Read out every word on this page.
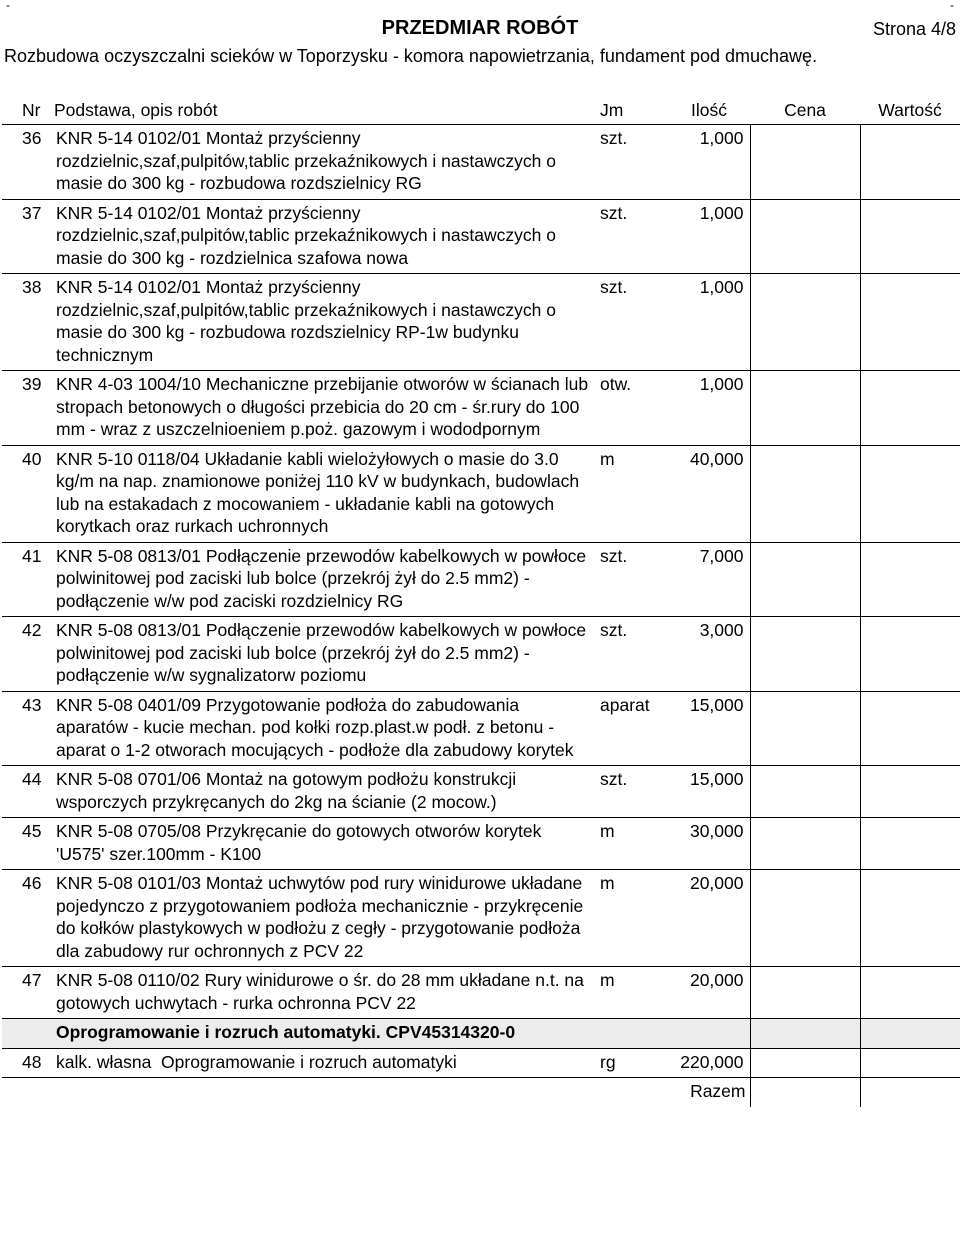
-	-
PRZEDMIAR ROBÓT	Strona 4/8
Rozbudowa oczyszczalni scieków w Toporzysku - komora napowietrzania, fundament pod dmuchawę.
Nr	Podstawa, opis robót	Jm	Ilość	Cena	Wartość
36	KNR 5-14 0102/01 Montaż przyścienny rozdzielnic,szaf,pulpitów,tablic przekaźnikowych i nastawczych o masie do 300 kg - rozbudowa rozdszielnicy RG	szt.	1,000		
37	KNR 5-14 0102/01 Montaż przyścienny rozdzielnic,szaf,pulpitów,tablic przekaźnikowych i nastawczych o masie do 300 kg - rozdzielnica szafowa nowa	szt.	1,000		
38	KNR 5-14 0102/01 Montaż przyścienny rozdzielnic,szaf,pulpitów,tablic przekaźnikowych i nastawczych o masie do 300 kg - rozbudowa rozdszielnicy RP-1w budynku technicznym	szt.	1,000		
39	KNR 4-03 1004/10 Mechaniczne przebijanie otworów w ścianach lub stropach betonowych o długości przebicia do 20 cm - śr.rury do 100 mm - wraz z uszczelnioeniem p.poż. gazowym i wododpornym	otw.	1,000		
40	KNR 5-10 0118/04 Układanie kabli wielożyłowych o masie do 3.0 kg/m na nap. znamionowe poniżej 110 kV w budynkach, budowlach lub na estakadach z mocowaniem - układanie kabli na gotowych korytkach oraz rurkach uchronnych	m	40,000		
41	KNR 5-08 0813/01 Podłączenie przewodów kabelkowych w powłoce polwinitowej pod zaciski lub bolce (przekrój żył do 2.5 mm2) - podłączenie w/w pod zaciski rozdzielnicy RG	szt.	7,000		
42	KNR 5-08 0813/01 Podłączenie przewodów kabelkowych w powłoce polwinitowej pod zaciski lub bolce (przekrój żył do 2.5 mm2) - podłączenie w/w sygnalizatorw poziomu	szt.	3,000		
43	KNR 5-08 0401/09 Przygotowanie podłoża do zabudowania aparatów - kucie mechan. pod kołki rozp.plast.w podł. z betonu - aparat o 1-2 otworach mocujących - podłoże dla zabudowy korytek	aparat	15,000		
44	KNR 5-08 0701/06 Montaż na gotowym podłożu konstrukcji wsporczych przykręcanych do 2kg na ścianie (2 mocow.)	szt.	15,000		
45	KNR 5-08 0705/08 Przykręcanie do gotowych otworów korytek 'U575' szer.100mm - K100	m	30,000		
46	KNR 5-08 0101/03 Montaż uchwytów pod rury winidurowe układane pojedynczo z przygotowaniem podłoża mechanicznie - przykręcenie do kołków plastykowych w podłożu z cegły - przygotowanie podłoża dla zabudowy rur ochronnych z PCV 22	m	20,000		
47	KNR 5-08 0110/02 Rury winidurowe o śr. do 28 mm układane n.t. na gotowych uchwytach - rurka ochronna PCV 22	m	20,000		
	Oprogramowanie i rozruch automatyki. CPV45314320-0				
48	kalk. własna  Oprogramowanie i rozruch automatyki	rg	220,000		
	Razem				
